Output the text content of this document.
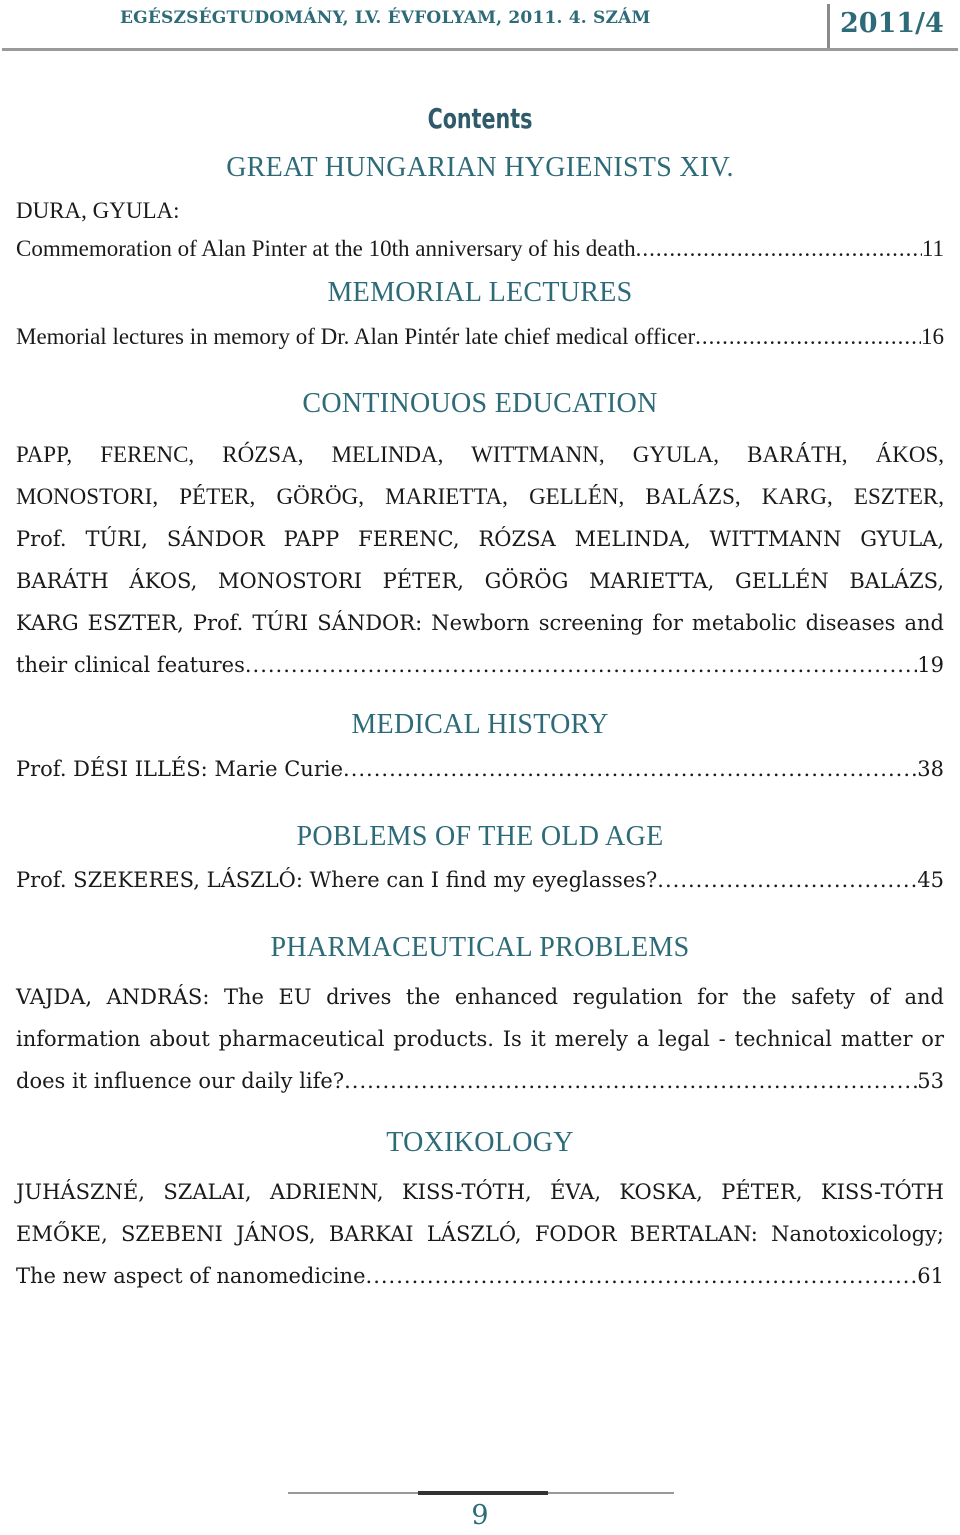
EGÉSZSÉGTUDOMÁNY, LV. ÉVFOLYAM, 2011. 4. SZÁM	2011/4
Contents
GREAT HUNGARIAN HYGIENISTS XIV.
DURA, GYULA:
Commemoration of Alan Pinter at the 10th anniversary of his death .....	11
MEMORIAL LECTURES
Memorial lectures in memory of Dr. Alan Pintér late chief medical officer .....	16
CONTINOUOS EDUCATION
PAPP, FERENC, RÓZSA, MELINDA, WITTMANN, GYULA, BARÁTH, ÁKOS,
MONOSTORI, PÉTER, GÖRÖG, MARIETTA, GELLÉN, BALÁZS, KARG, ESZTER,
Prof. TÚRI, SÁNDOR PAPP FERENC, RÓZSA MELINDA, WITTMANN GYULA,
BARÁTH ÁKOS, MONOSTORI PÉTER, GÖRÖG MARIETTA, GELLÉN BALÁZS,
KARG ESZTER, Prof. TÚRI SÁNDOR: Newborn screening for metabolic diseases and
their clinical features .....	19
MEDICAL HISTORY
Prof. DÉSI ILLÉS: Marie Curie .....	38
POBLEMS OF THE OLD AGE
Prof. SZEKERES, LÁSZLÓ: Where can I find my eyeglasses? .....	45
PHARMACEUTICAL PROBLEMS
VAJDA, ANDRÁS: The EU drives the enhanced regulation for the safety of and
information about pharmaceutical products. Is it merely a legal - technical matter or
does it influence our daily life? .....	53
TOXIKOLOGY
JUHÁSZNÉ, SZALAI, ADRIENN, KISS-TÓTH, ÉVA, KOSKA, PÉTER, KISS-TÓTH
EMŐKE, SZEBENI JÁNOS, BARKAI LÁSZLÓ, FODOR BERTALAN: Nanotoxicology;
The new aspect of nanomedicine .....	61
9
